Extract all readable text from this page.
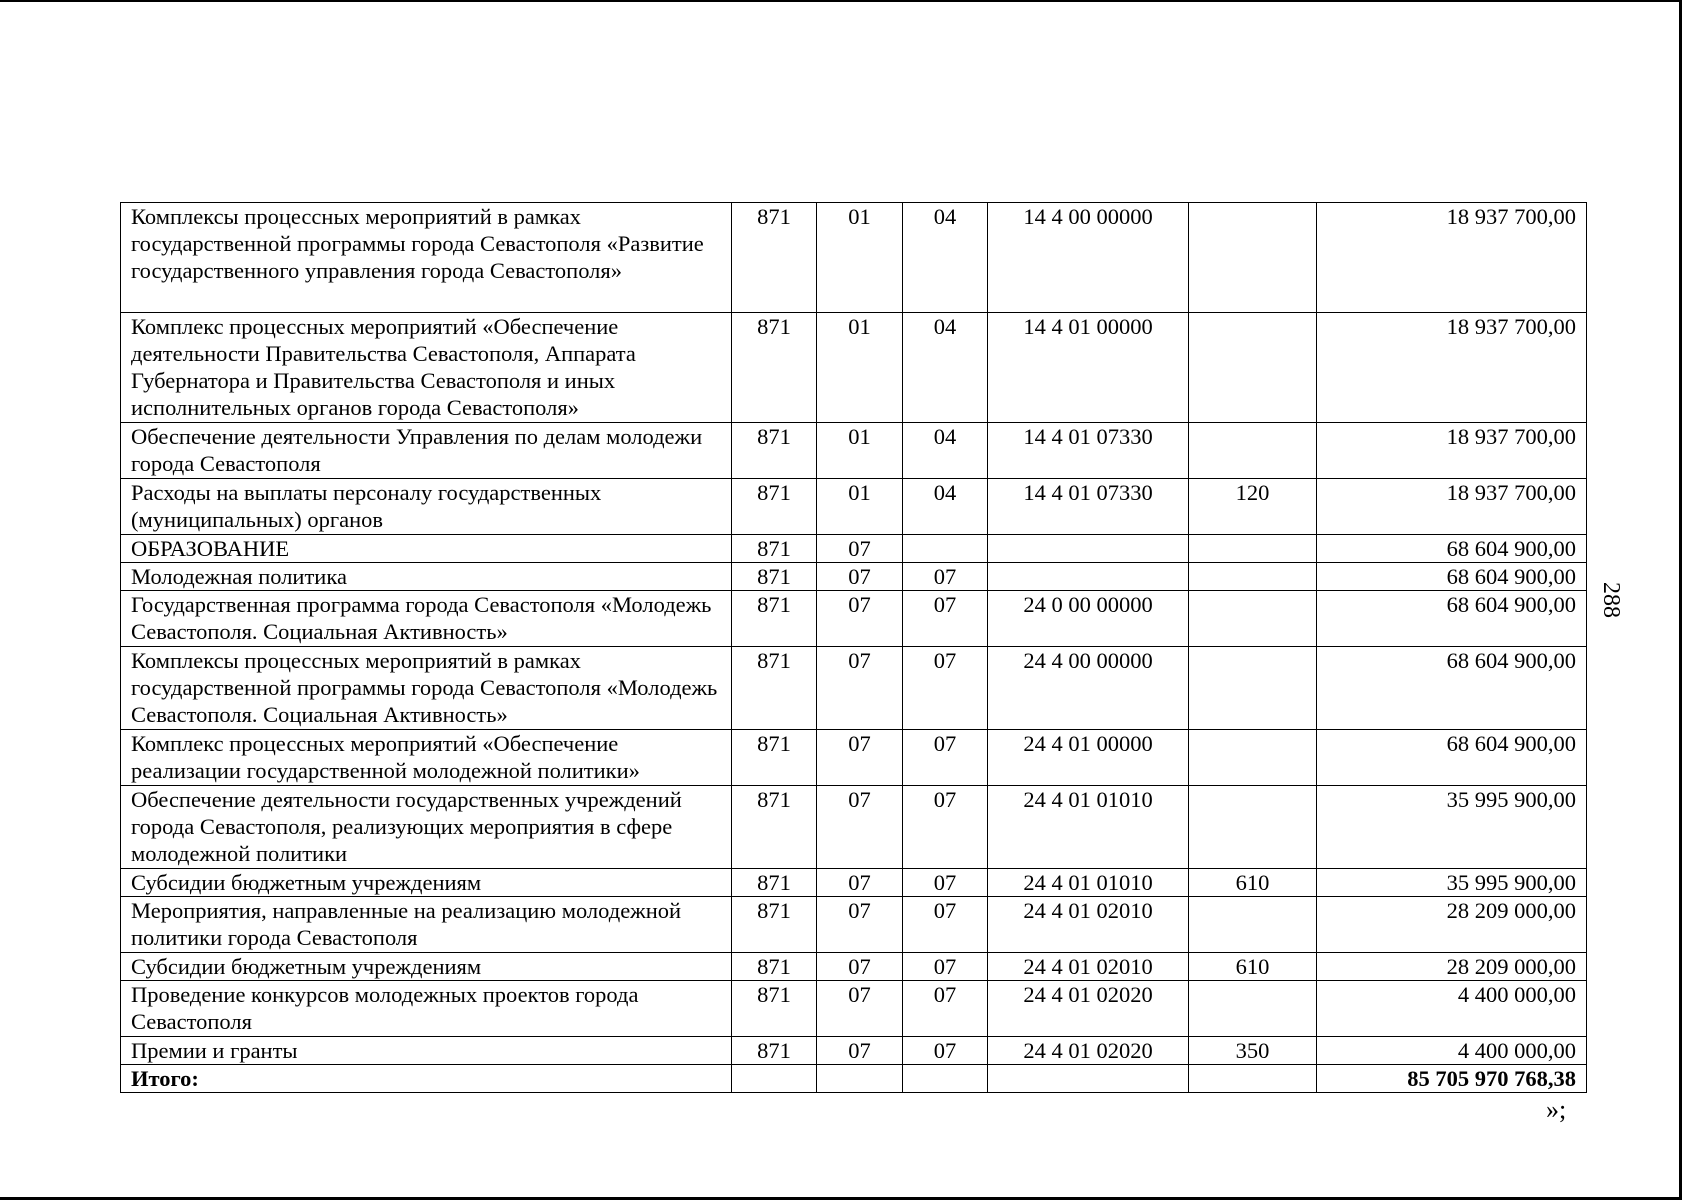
Комплексы процессных мероприятий в рамках государственной программы города Севастополя «Развитие государственного управления города Севастополя»	871	01	04	14 4 00 00000		18 937 700,00
Комплекс процессных мероприятий «Обеспечение деятельности Правительства Севастополя, Аппарата Губернатора и Правительства Севастополя и иных исполнительных органов города Севастополя»	871	01	04	14 4 01 00000		18 937 700,00
Обеспечение деятельности Управления по делам молодежи города Севастополя	871	01	04	14 4 01 07330		18 937 700,00
Расходы на выплаты персоналу государственных (муниципальных) органов	871	01	04	14 4 01 07330	120	18 937 700,00
ОБРАЗОВАНИЕ	871	07				68 604 900,00
Молодежная политика	871	07	07			68 604 900,00
Государственная программа города Севастополя «Молодежь Севастополя. Социальная Активность»	871	07	07	24 0 00 00000		68 604 900,00
Комплексы процессных мероприятий в рамках государственной программы города Севастополя «Молодежь Севастополя. Социальная Активность»	871	07	07	24 4 00 00000		68 604 900,00
Комплекс процессных мероприятий «Обеспечение реализации государственной молодежной политики»	871	07	07	24 4 01 00000		68 604 900,00
Обеспечение деятельности государственных учреждений города Севастополя, реализующих мероприятия в сфере молодежной политики	871	07	07	24 4 01 01010		35 995 900,00
Субсидии бюджетным учреждениям	871	07	07	24 4 01 01010	610	35 995 900,00
Мероприятия, направленные на реализацию молодежной политики города Севастополя	871	07	07	24 4 01 02010		28 209 000,00
Субсидии бюджетным учреждениям	871	07	07	24 4 01 02010	610	28 209 000,00
Проведение конкурсов молодежных проектов города Севастополя	871	07	07	24 4 01 02020		4 400 000,00
Премии и гранты	871	07	07	24 4 01 02020	350	4 400 000,00
Итого:						85 705 970 768,38
288
»;
